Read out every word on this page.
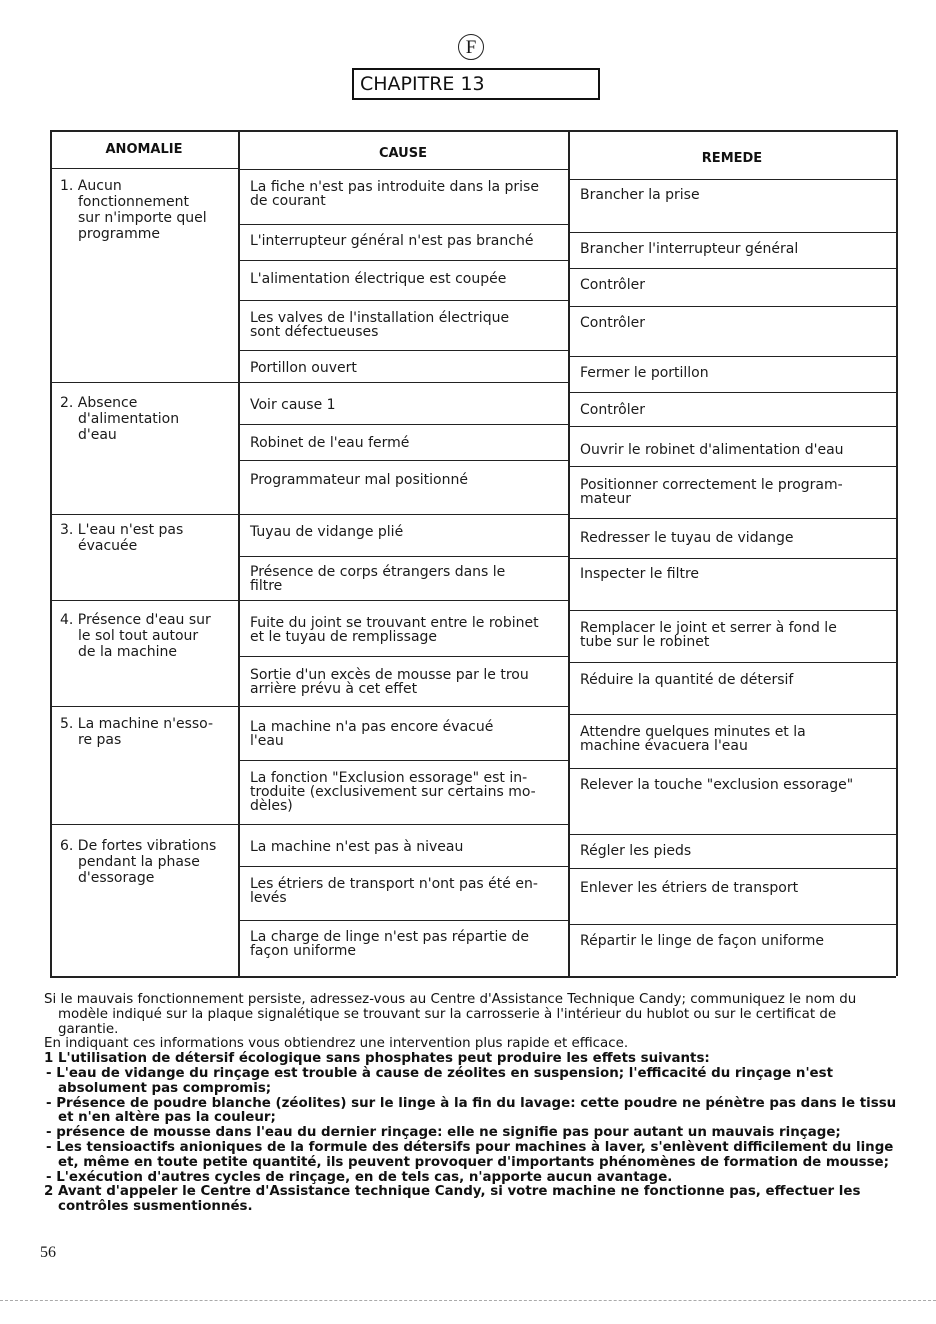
F
CHAPITRE 13
ANOMALIE	CAUSE	REMEDE
1. Aucun
fonctionnement
sur n'importe quel
programme
2. Absence
d'alimentation
d'eau
3. L'eau n'est pas
évacuée
4. Présence d'eau sur
le sol tout autour
de la machine
5. La machine n'esso-
re pas
6. De fortes vibrations
pendant la phase
d'essorage
La fiche n'est pas introduite dans la prise
de courant
L'interrupteur général n'est pas branché
L'alimentation électrique est coupée
Les valves de l'installation électrique
sont défectueuses
Portillon ouvert
Voir cause 1
Robinet de l'eau fermé
Programmateur mal positionné
Tuyau de vidange plié
Présence de corps étrangers dans le
filtre
Fuite du joint se trouvant entre le robinet
et le tuyau de remplissage
Sortie d'un excès de mousse par le trou
arrière prévu à cet effet
La machine n'a pas encore évacué
l'eau
La fonction "Exclusion essorage" est in-
troduite (exclusivement sur certains mo-
dèles)
La machine n'est pas à niveau
Les étriers de transport n'ont pas été en-
levés
La charge de linge n'est pas répartie de
façon uniforme
Brancher la prise
Brancher l'interrupteur général
Contrôler
Contrôler
Fermer le portillon
Contrôler
Ouvrir le robinet d'alimentation d'eau
Positionner correctement le program-
mateur
Redresser le tuyau de vidange
Inspecter le filtre
Remplacer le joint et serrer à fond le
tube sur le robinet
Réduire la quantité de détersif
Attendre quelques minutes et la
machine évacuera l'eau
Relever la touche "exclusion essorage"
Régler les pieds
Enlever les étriers de transport
Répartir le linge de façon uniforme

Si le mauvais fonctionnement persiste, adressez-vous au Centre d'Assistance Technique Candy; communiquez le nom du modèle indiqué sur la plaque signalétique se trouvant sur la carrosserie à l'intérieur du hublot ou sur le certificat de garantie.

En indiquant ces informations vous obtiendrez une intervention plus rapide et efficace.

1 L'utilisation de détersif écologique sans phosphates peut produire les effets suivants:

- L'eau de vidange du rinçage est trouble à cause de zéolites en suspension; l'efficacité du rinçage n'est absolument pas compromis;

- Présence de poudre blanche (zéolites) sur le linge à la fin du lavage: cette poudre ne pénètre pas dans le tissu et n'en altère pas la couleur;

- présence de mousse dans l'eau du dernier rinçage: elle ne signifie pas pour autant un mauvais rinçage;

- Les tensioactifs anioniques de la formule des détersifs pour machines à laver, s'enlèvent difficilement du linge et, même en toute petite quantité, ils peuvent provoquer d'importants phénomènes de formation de mousse;

- L'exécution d'autres cycles de rinçage, en de tels cas, n'apporte aucun avantage.

2 Avant d'appeler le Centre d'Assistance technique Candy, si votre machine ne fonctionne pas, effectuer les contrôles susmentionnés.

56
